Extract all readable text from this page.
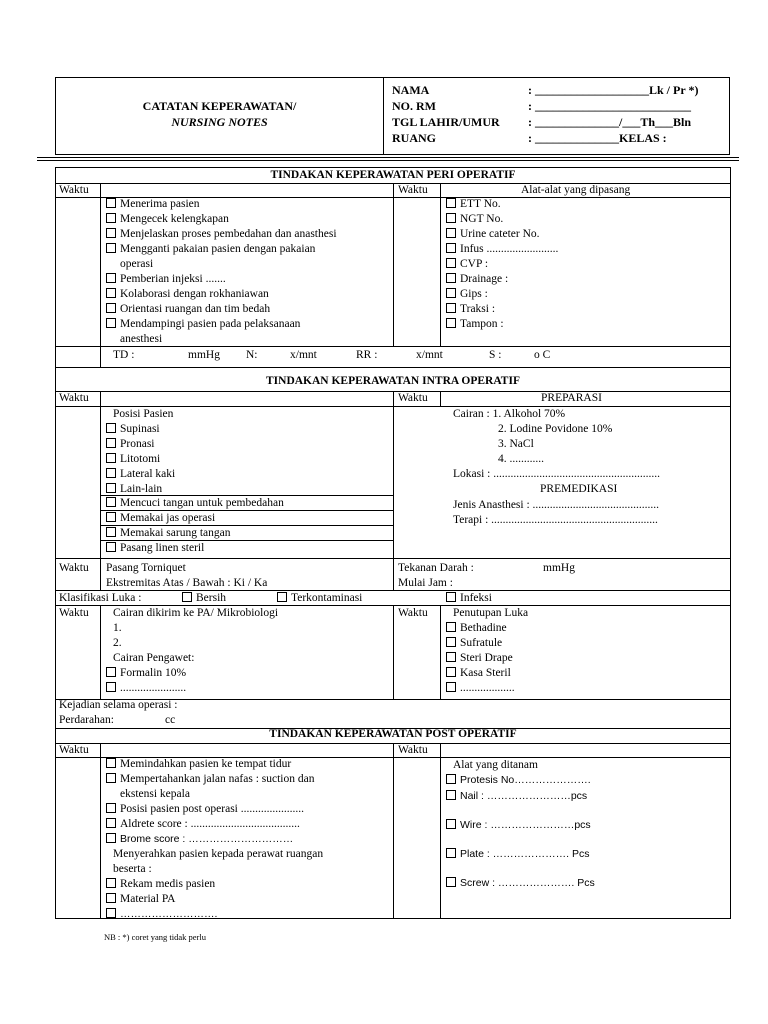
CATATAN KEPERAWATAN/
NURSING NOTES
NAMA	: ___________________Lk / Pr *)
NO. RM	: __________________________
TGL LAHIR/UMUR : ______________/___Th___Bln
RUANG	: ______________KELAS :
TINDAKAN KEPERAWATAN PERI OPERATIF
Waktu	Waktu	Alat-alat yang dipasang
Menerima pasien
Mengecek kelengkapan
Menjelaskan proses pembedahan dan anasthesi
Mengganti pakaian pasien dengan pakaian
operasi
Pemberian injeksi .......
Kolaborasi dengan rokhaniawan
Orientasi ruangan dan tim bedah
Mendampingi pasien pada pelaksanaan
anesthesi
ETT No.
NGT No.
Urine cateter No.
Infus .........................
CVP :
Drainage :
Gips :
Traksi :
Tampon :
TD :	mmHg N:	x/mnt	RR :	x/mnt	S :	o C
TINDAKAN KEPERAWATAN INTRA OPERATIF
Waktu	Waktu	PREPARASI
Posisi Pasien
Supinasi
Pronasi
Litotomi
Lateral kaki
Lain-lain
Mencuci tangan untuk pembedahan
Memakai jas operasi
Memakai sarung tangan
Pasang linen steril
Cairan : 1. Alkohol 70%
2. Lodine Povidone 10%
3. NaCl
4. ............
Lokasi : ..........................................................
PREMEDIKASI
Jenis Anasthesi : ............................................
Terapi : ..........................................................
Waktu Pasang Torniquet
Ekstremitas Atas / Bawah : Ki / Ka
Tekanan Darah :	mmHg
Mulai Jam :
Klasifikasi Luka :	Bersih	Terkontaminasi	Infeksi
Waktu	Waktu
Cairan dikirim ke PA/ Mikrobiologi
1.
2.
Cairan Pengawet:
Formalin 10%
.......................
Penutupan Luka
Bethadine
Sufratule
Steri Drape
Kasa Steril
...................
Kejadian selama operasi :
Perdarahan:	cc
TINDAKAN KEPERAWATAN POST OPERATIF
Waktu	Waktu
Memindahkan pasien ke tempat tidur
Mempertahankan jalan nafas : suction dan
ekstensi kepala
Posisi pasien post operasi ......................
Aldrete score : ......................................
Brome score : …………………………
Menyerahkan pasien kepada perawat ruangan
beserta :
Rekam medis pasien
Material PA
……………………….
Alat yang ditanam
Protesis No………………….
Nail : ……………………pcs
Wire : ……………………pcs
Plate : …………………. Pcs
Screw : …………………. Pcs
NB : *) coret yang tidak perlu
